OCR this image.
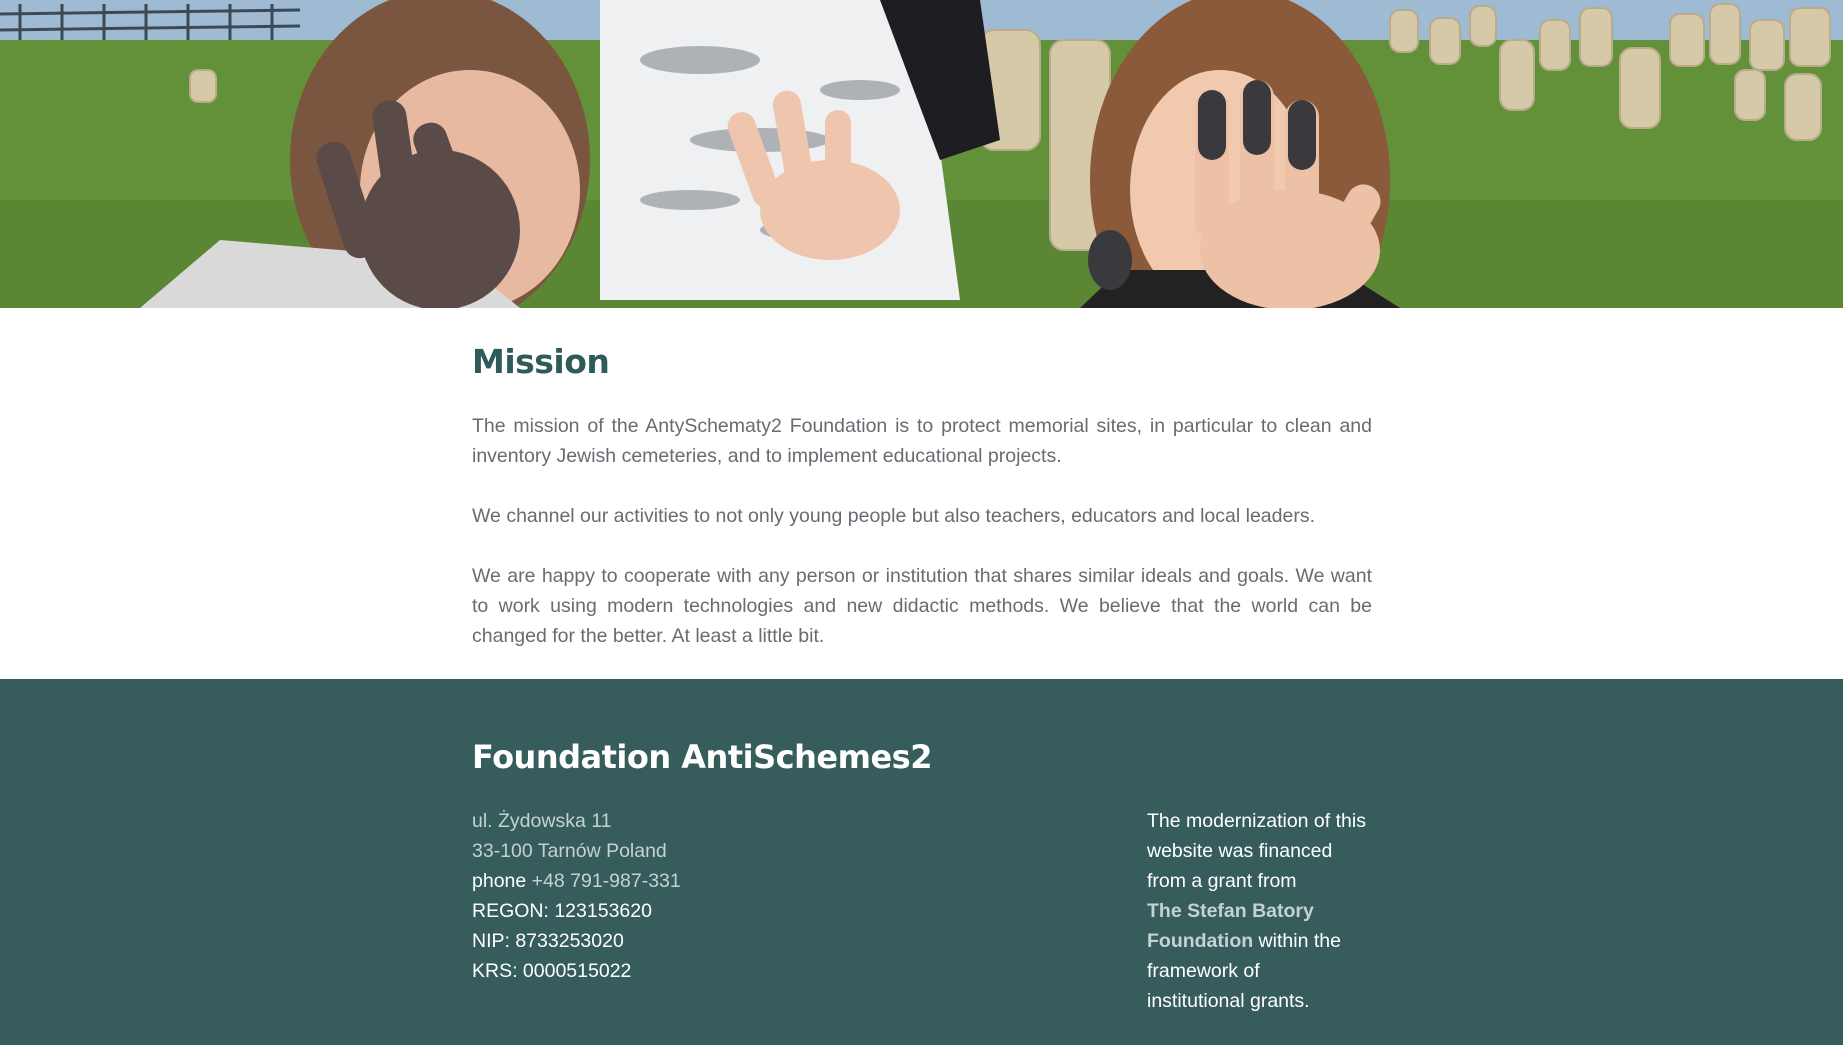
Mission

The mission of the AntySchematy2 Foundation is to protect memorial sites, in particular to clean and inventory Jewish cemeteries, and to implement educational projects.

We channel our activities to not only young people but also teachers, educators and local leaders.

We are happy to cooperate with any person or institution that shares similar ideals and goals. We want to work using modern technologies and new didactic methods. We believe that the world can be changed for the better. At least a little bit.

Foundation AntiSchemes2
ul. Żydowska 11
33-100 Tarnów Poland
phone +48 791-987-331
REGON: 123153620
NIP: 8733253020
KRS: 0000515022
The modernization of this
website was financed
from a grant from
The Stefan Batory
Foundation within the
framework of
institutional grants.
